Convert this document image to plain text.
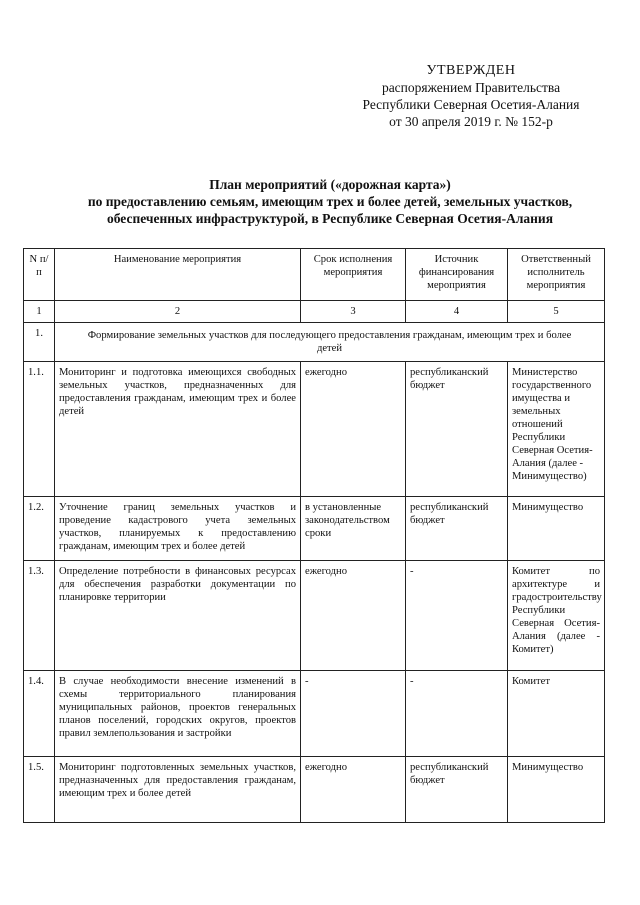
УТВЕРЖДЕН
распоряжением Правительства
Республики Северная Осетия-Алания
от 30 апреля 2019 г. № 152-р
План мероприятий («дорожная карта»)
по предоставлению семьям, имеющим трех и более детей, земельных участков,
обеспеченных инфраструктурой, в Республике Северная Осетия-Алания
N п/п	Наименование мероприятия	Срок исполнения мероприятия	Источник финансирования мероприятия	Ответственный исполнитель мероприятия
1	2	3	4	5
1.	Формирование земельных участков для последующего предоставления гражданам, имеющим трех и более детей			
1.1.	Мониторинг и подготовка имеющихся свободных земельных участков, предназначенных для предоставления гражданам, имеющим трех и более детей	ежегодно	республиканский бюджет	Министерство государственного имущества и земельных отношений Республики Северная Осетия-Алания (далее - Минимущество)
1.2.	Уточнение границ земельных участков и проведение кадастрового учета земельных участков, планируемых к предоставлению гражданам, имеющим трех и более детей	в установленные законодательством сроки	республиканский бюджет	Минимущество
1.3.	Определение потребности в финансовых ресурсах для обеспечения разработки документации по планировке территории	ежегодно	-	Комитет по архитектуре и градостроительству Республики Северная Осетия-Алания (далее - Комитет)
1.4.	В случае необходимости внесение изменений в схемы территориального планирования муниципальных районов, проектов генеральных планов поселений, городских округов, проектов правил землепользования и застройки	-	-	Комитет
1.5.	Мониторинг подготовленных земельных участков, предназначенных для предоставления гражданам, имеющим трех и более детей	ежегодно	республиканский бюджет	Минимущество
